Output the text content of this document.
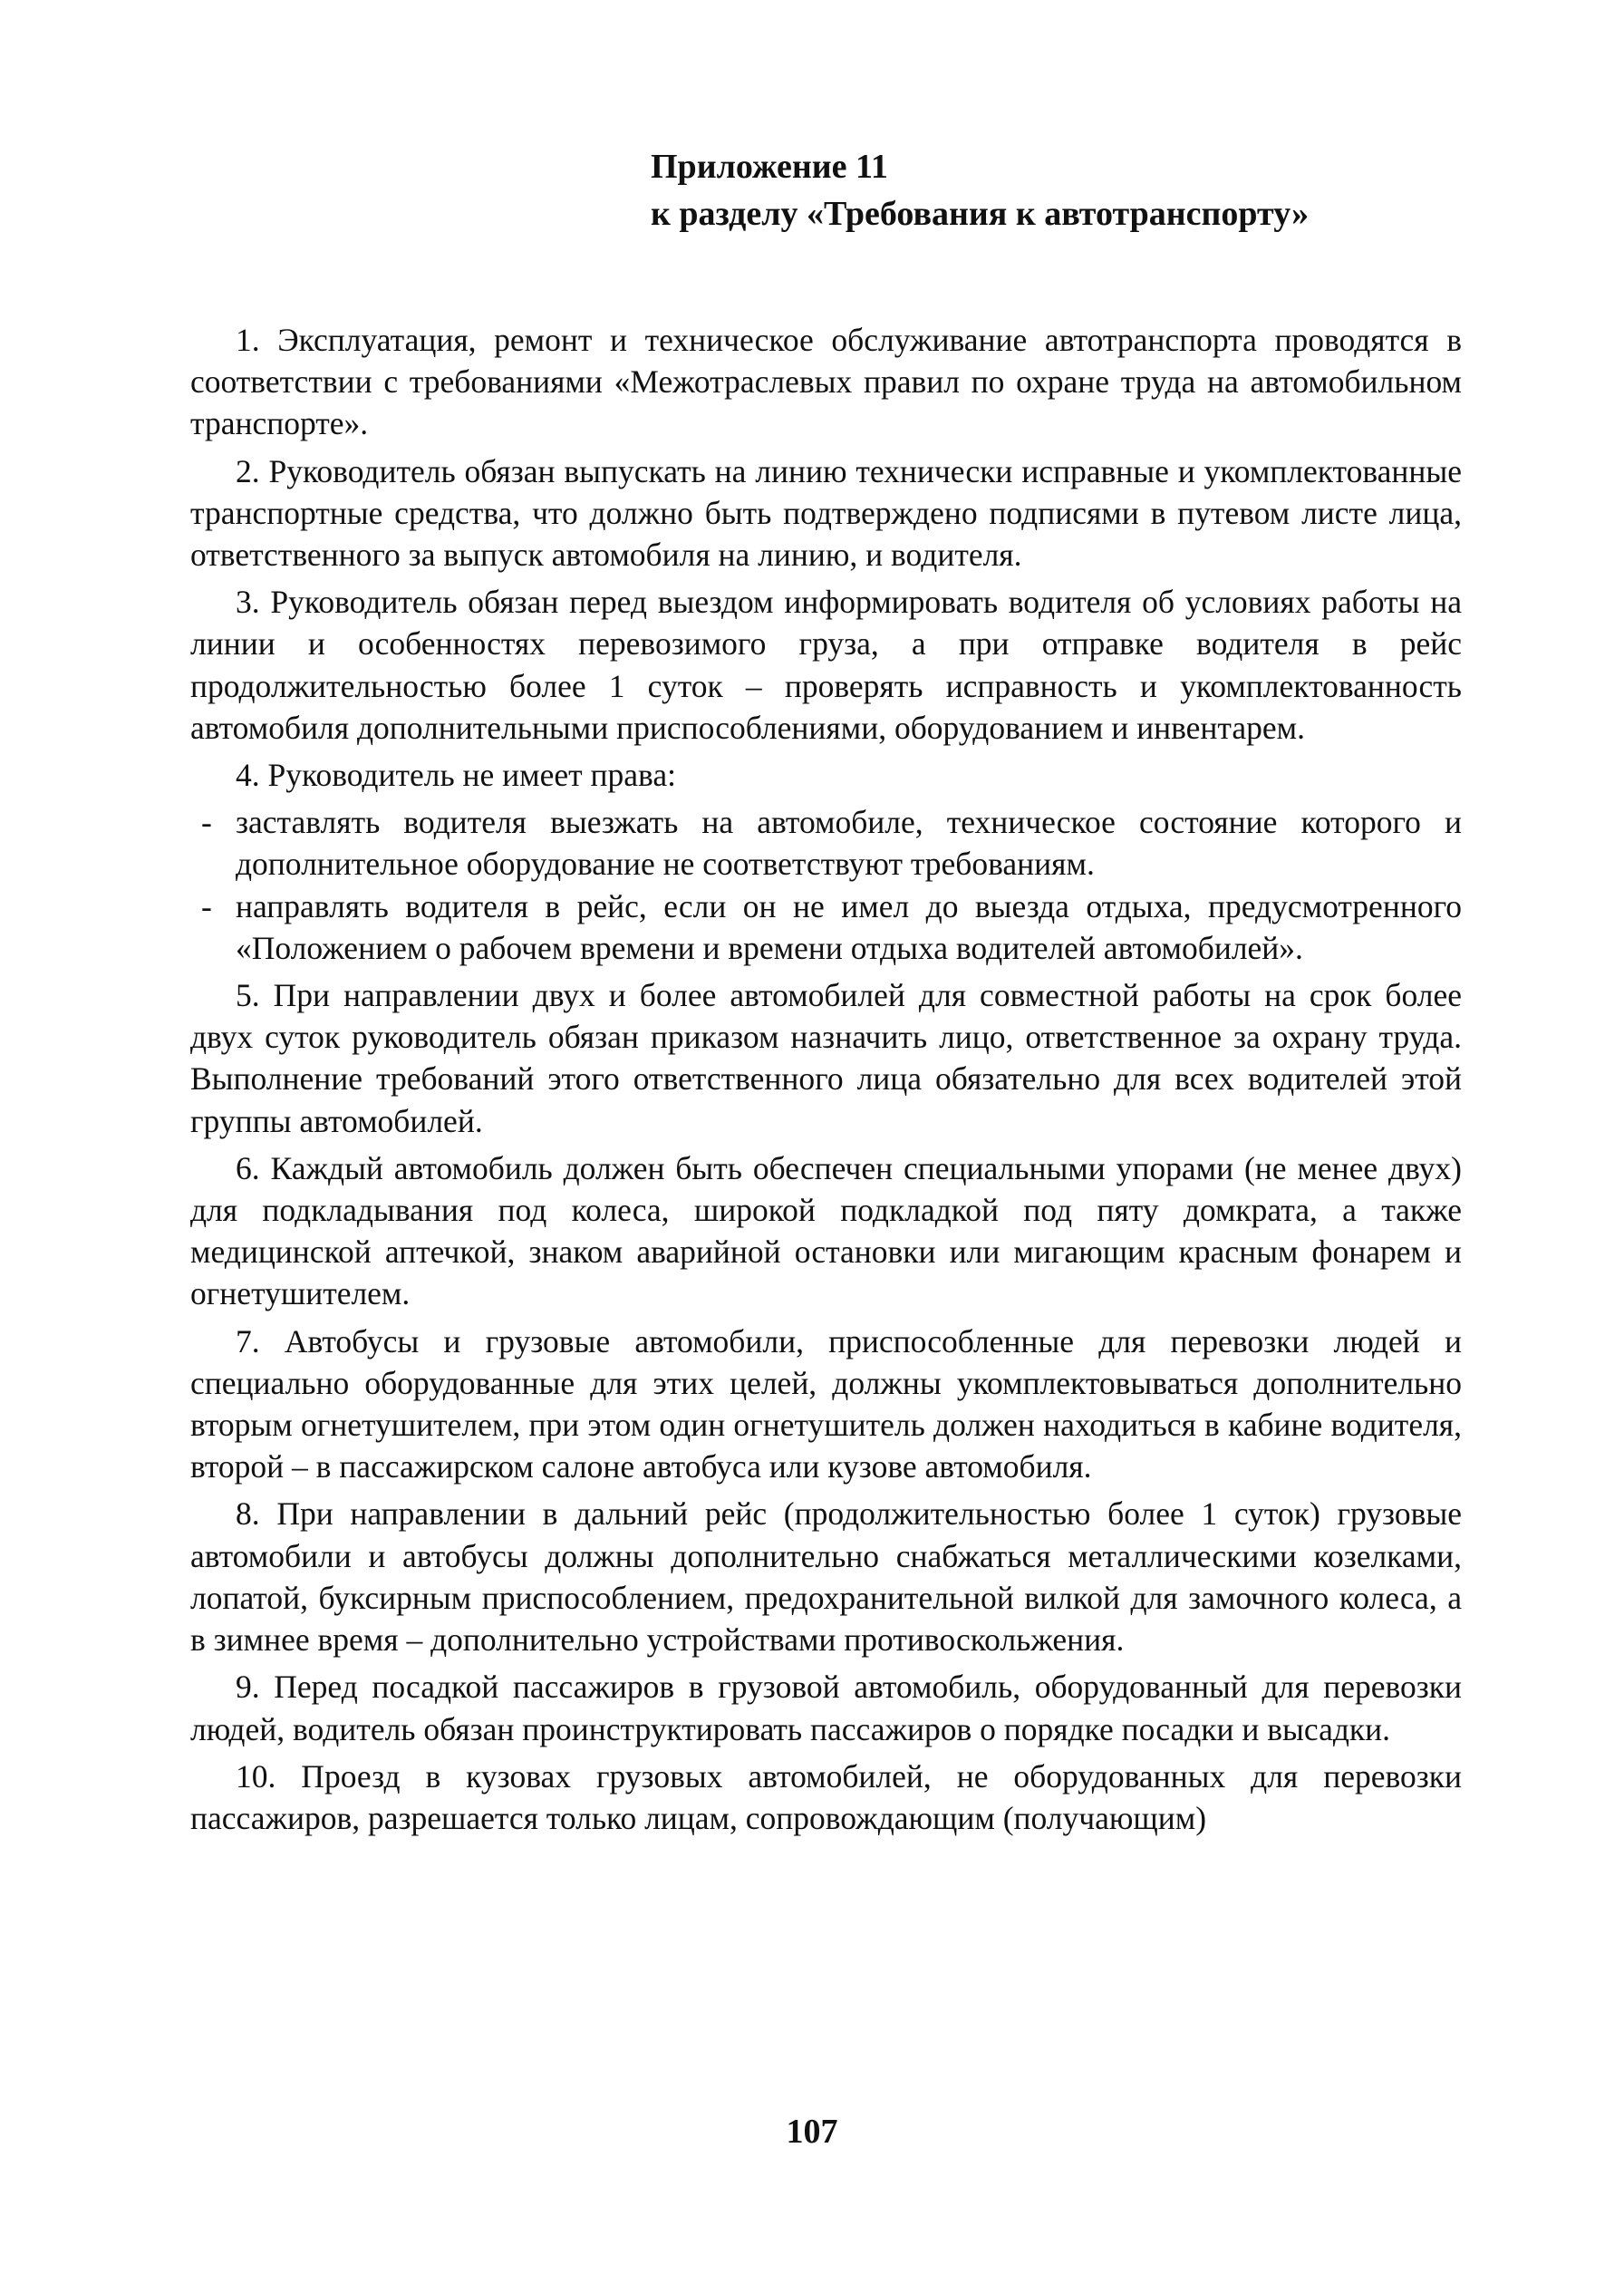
Приложение 11
к разделу «Требования к автотранспорту»

1. Эксплуатация, ремонт и техническое обслуживание автотранспорта проводятся в соответствии с требованиями «Межотраслевых правил по охране труда на автомобильном транспорте».

2. Руководитель обязан выпускать на линию технически исправные и укомплектованные транспортные средства, что должно быть подтверждено подписями в путевом листе лица, ответственного за выпуск автомобиля на линию, и водителя.

3. Руководитель обязан перед выездом информировать водителя об условиях работы на линии и особенностях перевозимого груза, а при отправке водителя в рейс продолжительностью более 1 суток – проверять исправность и укомплектованность автомобиля дополнительными приспособлениями, оборудованием и инвентарем.

4. Руководитель не имеет права:

- заставлять водителя выезжать на автомобиле, техническое состояние которого и дополнительное оборудование не соответствуют требованиям.
- направлять водителя в рейс, если он не имел до выезда отдыха, предусмотренного «Положением о рабочем времени и времени отдыха водителей автомобилей».

5. При направлении двух и более автомобилей для совместной работы на срок более двух суток руководитель обязан приказом назначить лицо, ответственное за охрану труда. Выполнение требований этого ответственного лица обязательно для всех водителей этой группы автомобилей.

6. Каждый автомобиль должен быть обеспечен специальными упорами (не менее двух) для подкладывания под колеса, широкой подкладкой под пяту домкрата, а также медицинской аптечкой, знаком аварийной остановки или мигающим красным фонарем и огнетушителем.

7. Автобусы и грузовые автомобили, приспособленные для перевозки людей и специально оборудованные для этих целей, должны укомплектовываться дополнительно вторым огнетушителем, при этом один огнетушитель должен находиться в кабине водителя, второй – в пассажирском салоне автобуса или кузове автомобиля.

8. При направлении в дальний рейс (продолжительностью более 1 суток) грузовые автомобили и автобусы должны дополнительно снабжаться металлическими козелками, лопатой, буксирным приспособлением, предохранительной вилкой для замочного колеса, а в зимнее время – дополнительно устройствами противоскольжения.

9. Перед посадкой пассажиров в грузовой автомобиль, оборудованный для перевозки людей, водитель обязан проинструктировать пассажиров о порядке посадки и высадки.

10. Проезд в кузовах грузовых автомобилей, не оборудованных для перевозки пассажиров, разрешается только лицам, сопровождающим (получающим)

107
